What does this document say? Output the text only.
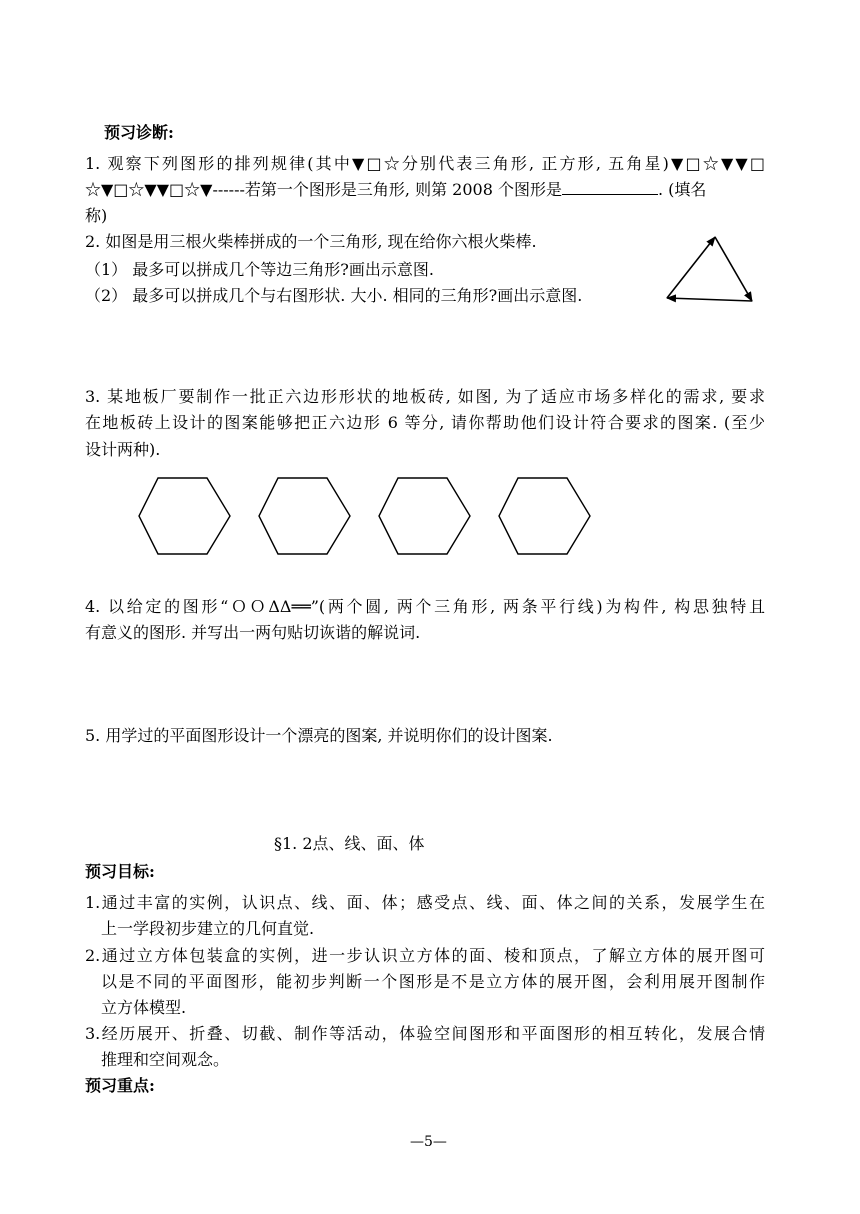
预习诊断:
1. 观察下列图形的排列规律(其中▼□☆分别代表三角形, 正方形, 五角星)▼□☆▼▼□
☆▼□☆▼▼□☆▼------若第一个图形是三角形, 则第 2008 个图形是	. (填名
称)
2. 如图是用三根火柴棒拼成的一个三角形, 现在给你六根火柴棒.
（1） 最多可以拼成几个等边三角形?画出示意图.
（2） 最多可以拼成几个与右图形状. 大小. 相同的三角形?画出示意图.
3. 某地板厂要制作一批正六边形形状的地板砖, 如图, 为了适应市场多样化的需求, 要求
在地板砖上设计的图案能够把正六边形 6 等分, 请你帮助他们设计符合要求的图案. (至少
设计两种).
4. 以给定的图形“ＯＯΔΔ══”(两个圆, 两个三角形, 两条平行线)为构件, 构思独特且
有意义的图形. 并写出一两句贴切诙谐的解说词.
5. 用学过的平面图形设计一个漂亮的图案, 并说明你们的设计图案.
§1. 2点、线、面、体
预习目标:
1.通过丰富的实例，认识点、线、面、体；感受点、线、面、体之间的关系，发展学生在
上一学段初步建立的几何直觉.
2.通过立方体包装盒的实例，进一步认识立方体的面、棱和顶点，了解立方体的展开图可
以是不同的平面图形，能初步判断一个图形是不是立方体的展开图，会利用展开图制作
立方体模型.
3.经历展开、折叠、切截、制作等活动，体验空间图形和平面图形的相互转化，发展合情
推理和空间观念。
预习重点:
—5—
